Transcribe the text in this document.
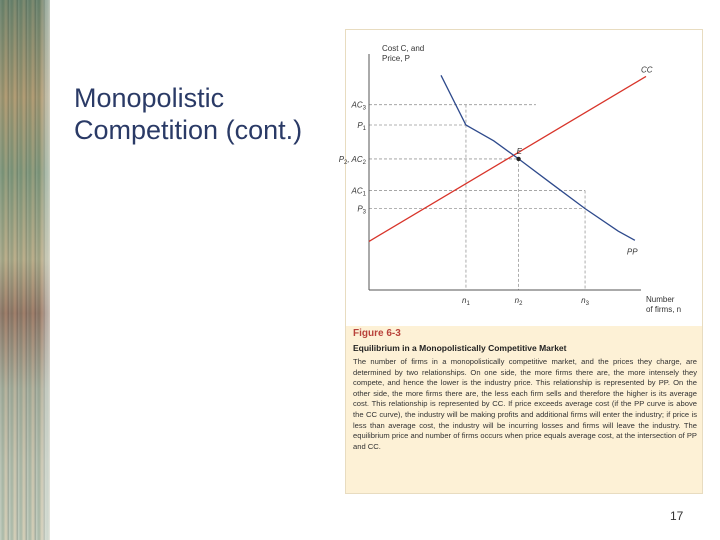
Monopolistic
Competition (cont.)
Cost C, and
Price, P
Number
of firms, n
$n_1$	$n_2$	$n_3$
$AC_3$
$P_1$
$P_2$, $AC_2$
$AC_1$
$P_3$
CC
PP
E
Figure 6-3
Equilibrium in a Monopolistically Competitive Market
The number of firms in a monopolistically competitive market, and the prices they charge, are determined by two relationships. On one side, the more firms there are, the more intensely they compete, and hence the lower is the industry price. This relationship is represented by PP. On the other side, the more firms there are, the less each firm sells and therefore the higher is its average cost. This relationship is represented by CC. If price exceeds average cost (if the PP curve is above the CC curve), the industry will be making profits and additional firms will enter the industry; if price is less than average cost, the industry will be incurring losses and firms will leave the industry. The equilibrium price and number of firms occurs when price equals average cost, at the intersection of PP and CC.
17
